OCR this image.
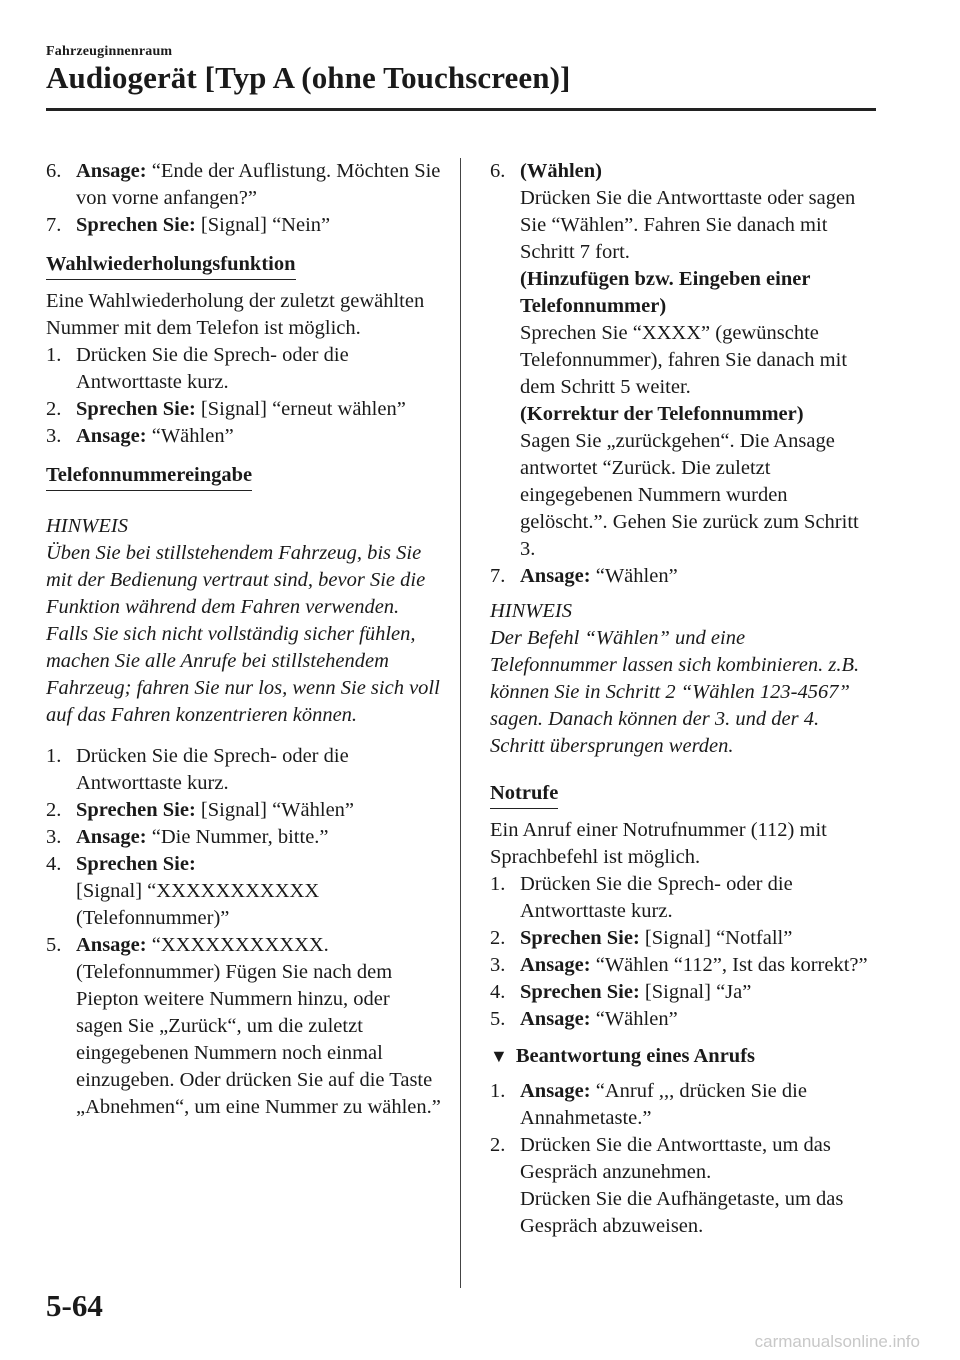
Fahrzeuginnenraum
Audiogerät [Typ A (ohne Touchscreen)]
6. Ansage: “Ende der Auflistung. Möchten Sie von vorne anfangen?”
7. Sprechen Sie: [Signal] “Nein”
Wahlwiederholungsfunktion
Eine Wahlwiederholung der zuletzt gewählten Nummer mit dem Telefon ist möglich.
1. Drücken Sie die Sprech- oder die Antworttaste kurz.
2. Sprechen Sie: [Signal] “erneut wählen”
3. Ansage: “Wählen”
Telefonnummereingabe
HINWEIS
Üben Sie bei stillstehendem Fahrzeug, bis Sie mit der Bedienung vertraut sind, bevor Sie die Funktion während dem Fahren verwenden. Falls Sie sich nicht vollständig sicher fühlen, machen Sie alle Anrufe bei stillstehendem Fahrzeug; fahren Sie nur los, wenn Sie sich voll auf das Fahren konzentrieren können.
1. Drücken Sie die Sprech- oder die Antworttaste kurz.
2. Sprechen Sie: [Signal] “Wählen”
3. Ansage: “Die Nummer, bitte.”
4. Sprechen Sie:
[Signal] “XXXXXXXXXXX (Telefonnummer)”
5. Ansage: “XXXXXXXXXXX. (Telefonnummer) Fügen Sie nach dem Piepton weitere Nummern hinzu, oder sagen Sie „Zurück“, um die zuletzt eingegebenen Nummern noch einmal einzugeben. Oder drücken Sie auf die Taste „Abnehmen“, um eine Nummer zu wählen.”
6. (Wählen)
Drücken Sie die Antworttaste oder sagen Sie “Wählen”. Fahren Sie danach mit Schritt 7 fort.
(Hinzufügen bzw. Eingeben einer Telefonnummer)
Sprechen Sie “XXXX” (gewünschte Telefonnummer), fahren Sie danach mit dem Schritt 5 weiter.
(Korrektur der Telefonnummer)
Sagen Sie „zurückgehen“. Die Ansage antwortet “Zurück. Die zuletzt eingegebenen Nummern wurden gelöscht.”. Gehen Sie zurück zum Schritt 3.
7. Ansage: “Wählen”
HINWEIS
Der Befehl “Wählen” und eine Telefonnummer lassen sich kombinieren. z.B. können Sie in Schritt 2 “Wählen 123-4567” sagen. Danach können der 3. und der 4. Schritt übersprungen werden.
Notrufe
Ein Anruf einer Notrufnummer (112) mit Sprachbefehl ist möglich.
1. Drücken Sie die Sprech- oder die Antworttaste kurz.
2. Sprechen Sie: [Signal] “Notfall”
3. Ansage: “Wählen “112”, Ist das korrekt?”
4. Sprechen Sie: [Signal] “Ja”
5. Ansage: “Wählen”
▼ Beantwortung eines Anrufs
1. Ansage: “Anruf ,,, drücken Sie die Annahmetaste.”
2. Drücken Sie die Antworttaste, um das Gespräch anzunehmen.
Drücken Sie die Aufhängetaste, um das Gespräch abzuweisen.
5-64
carmanualsonline.info
